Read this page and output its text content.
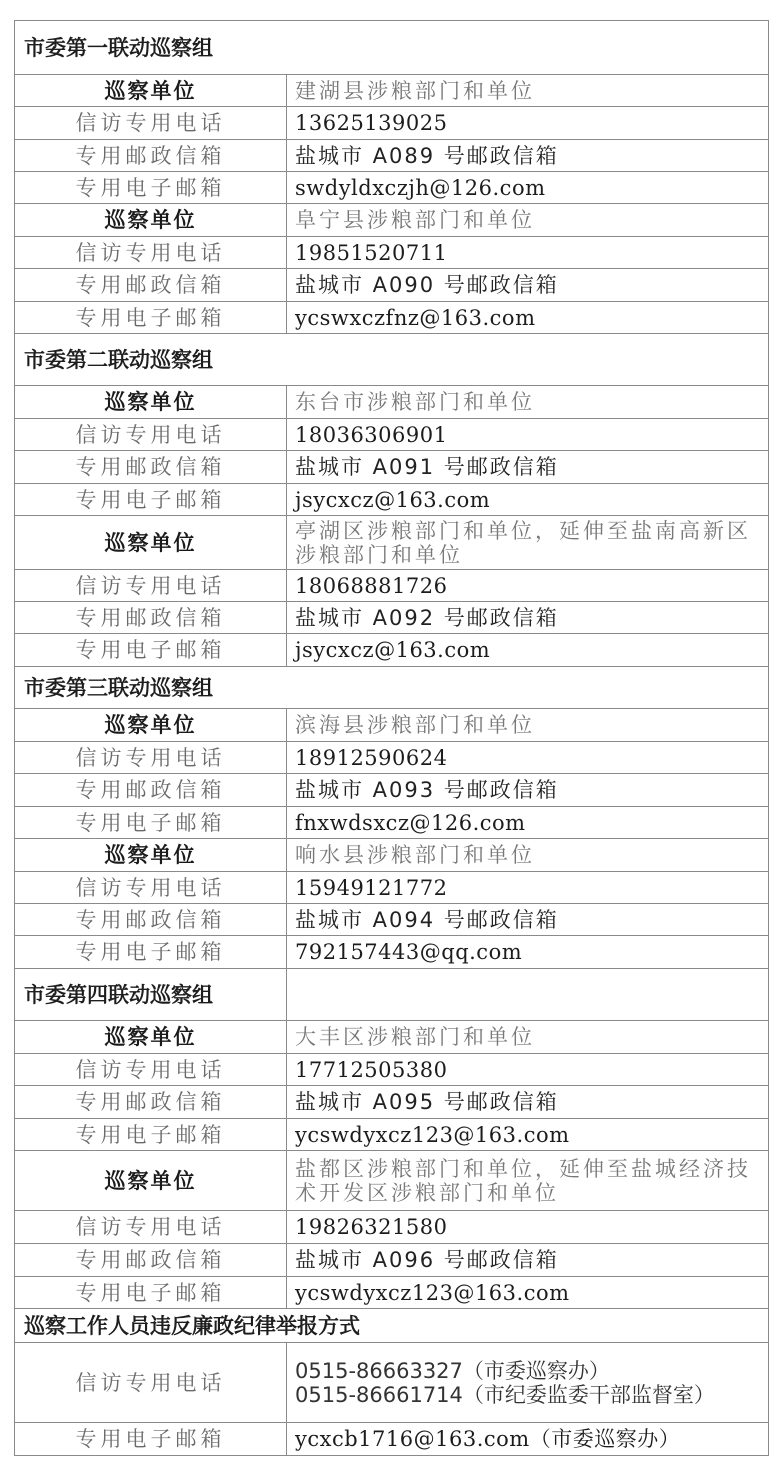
市委第一联动巡察组	
巡察单位	建湖县涉粮部门和单位
信访专用电话	13625139025
专用邮政信箱	盐城市 A089 号邮政信箱
专用电子邮箱	swdyldxczjh@126.com
巡察单位	阜宁县涉粮部门和单位
信访专用电话	19851520711
专用邮政信箱	盐城市 A090 号邮政信箱
专用电子邮箱	ycswxczfnz@163.com
市委第二联动巡察组	
巡察单位	东台市涉粮部门和单位
信访专用电话	18036306901
专用邮政信箱	盐城市 A091 号邮政信箱
专用电子邮箱	jsycxcz@163.com
巡察单位	亭湖区涉粮部门和单位，延伸至盐南高新区涉粮部门和单位
信访专用电话	18068881726
专用邮政信箱	盐城市 A092 号邮政信箱
专用电子邮箱	jsycxcz@163.com
市委第三联动巡察组	
巡察单位	滨海县涉粮部门和单位
信访专用电话	18912590624
专用邮政信箱	盐城市 A093 号邮政信箱
专用电子邮箱	fnxwdsxcz@126.com
巡察单位	响水县涉粮部门和单位
信访专用电话	15949121772
专用邮政信箱	盐城市 A094 号邮政信箱
专用电子邮箱	792157443@qq.com
市委第四联动巡察组	
巡察单位	大丰区涉粮部门和单位
信访专用电话	17712505380
专用邮政信箱	盐城市 A095 号邮政信箱
专用电子邮箱	ycswdyxcz123@163.com
巡察单位	盐都区涉粮部门和单位，延伸至盐城经济技术开发区涉粮部门和单位
信访专用电话	19826321580
专用邮政信箱	盐城市 A096 号邮政信箱
专用电子邮箱	ycswdyxcz123@163.com
巡察工作人员违反廉政纪律举报方式	
信访专用电话	0515-86663327（市委巡察办）
0515-86661714（市纪委监委干部监督室）

专用电子邮箱	ycxcb1716@163.com（市委巡察办）
